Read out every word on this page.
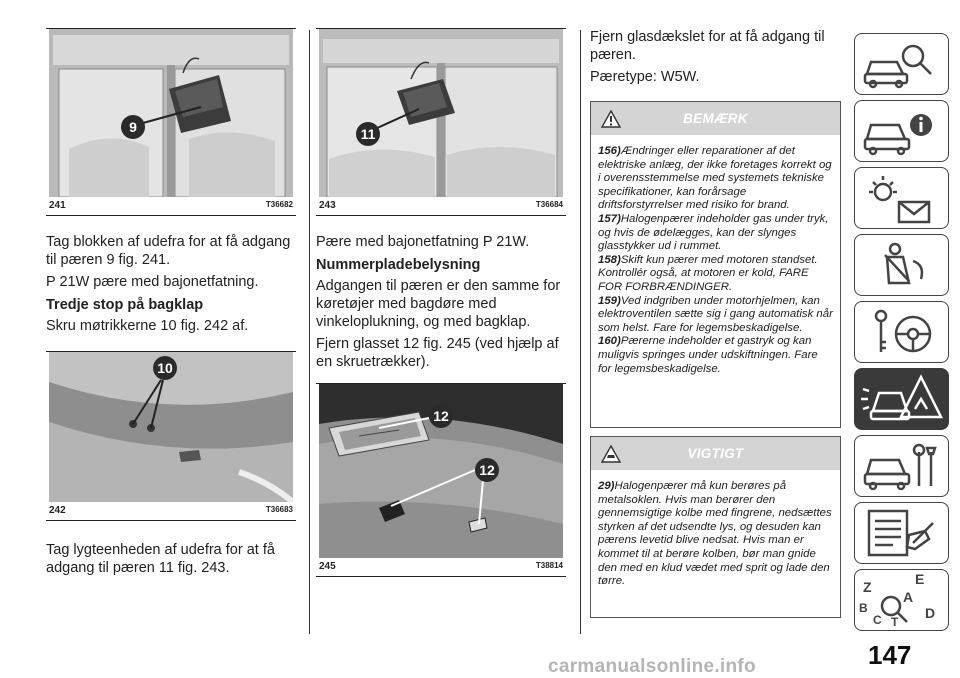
9
241	T36682

Tag blokken af udefra for at få adgang til pæren 9 fig. 241.

P 21W pære med bajonetfatning.

Tredje stop på bagklap

Skru møtrikkerne 10 fig. 242 af.

10
242	T36683

Tag lygteenheden af udefra for at få adgang til pæren 11 fig. 243.

11
243	T36684

Pære med bajonetfatning P 21W.

Nummerpladebelysning

Adgangen til pæren er den samme for køretøjer med bagdøre med vinkeloplukning, og med bagklap.

Fjern glasset 12 fig. 245 (ved hjælp af en skruetrækker).

12
12
245	T38814

Fjern glasdækslet for at få adgang til pæren.

Pæretype: W5W.

BEMÆRK

156)Ændringer eller reparationer af det elektriske anlæg, der ikke foretages korrekt og i overensstemmelse med systemets tekniske specifikationer, kan forårsage driftsforstyrrelser med risiko for brand.

157)Halogenpærer indeholder gas under tryk, og hvis de ødelægges, kan der slynges glasstykker ud i rummet.

158)Skift kun pærer med motoren standset. Kontrollér også, at motoren er kold, FARE FOR FORBRÆNDINGER.

159)Ved indgriben under motorhjelmen, kan elektroventilen sætte sig i gang automatisk når som helst. Fare for legemsbeskadigelse.

160)Pærerne indeholder et gastryk og kan muligvis springes under udskiftningen. Fare for legemsbeskadigelse.

VIGTIGT

29)Halogenpærer må kun berøres på metalsoklen. Hvis man berører den gennemsigtige kolbe med fingrene, nedsættes styrken af det udsendte lys, og desuden kan pærens levetid blive nedsat. Hvis man er kommet til at berøre kolben, bør man gnide den med en klud vædet med sprit og lade den tørre.	Z	E
A
B
C T
D
147
carmanualsonline.info
